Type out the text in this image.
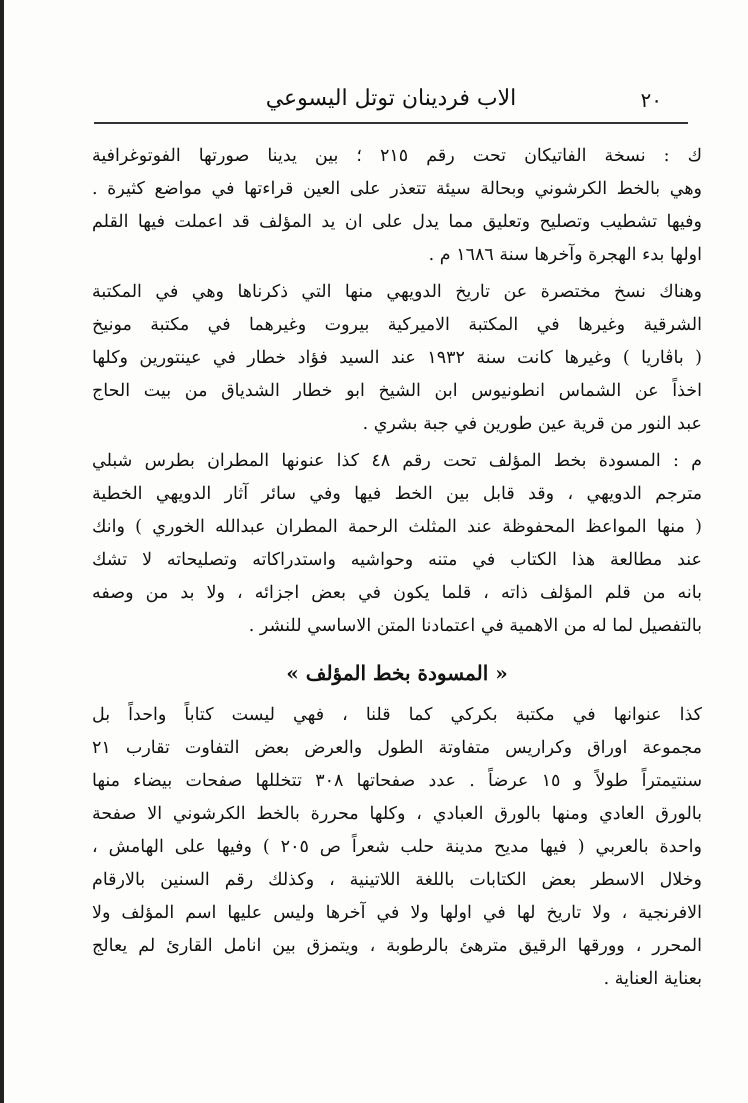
٢٠
الاب فردينان توتل اليسوعي
ك : نسخة الفاتيكان تحت رقم ٢١٥ ؛ بين يدينا صورتها الفوتوغرافية
وهي بالخط الكرشوني وبحالة سيئة تتعذر على العين قراءتها في مواضع كثيرة .
وفيها تشطيب وتصليح وتعليق مما يدل على ان يد المؤلف قد اعملت فيها القلم
اولها بدء الهجرة وآخرها سنة ١٦٨٦ م .
وهناك نسخ مختصرة عن تاريخ الدويهي منها التي ذكرناها وهي في المكتبة
الشرقية وغيرها في المكتبة الاميركية بيروت وغيرهما في مكتبة مونيخ
( باڤاريا ) وغيرها كانت سنة ١٩٣٢ عند السيد فؤاد خطار في عينتورين وكلها
اخذاً عن الشماس انطونيوس ابن الشيخ ابو خطار الشدياق من بيت الحاج
عبد النور من قرية عين طورين في جبة بشري .
م : المسودة بخط المؤلف تحت رقم ٤٨ كذا عنونها المطران بطرس شبلي
مترجم الدويهي ، وقد قابل بين الخط فيها وفي سائر آثار الدويهي الخطية
( منها المواعظ المحفوظة عند المثلث الرحمة المطران عبدالله الخوري ) وانك
عند مطالعة هذا الكتاب في متنه وحواشيه واستدراكاته وتصليحاته لا تشك
بانه من قلم المؤلف ذاته ، قلما يكون في بعض اجزائه ، ولا بد من وصفه
بالتفصيل لما له من الاهمية في اعتمادنا المتن الاساسي للنشر .
« المسودة بخط المؤلف »
كذا عنوانها في مكتبة بكركي كما قلنا ، فهي ليست كتاباً واحداً بل
مجموعة اوراق وكراريس متفاوتة الطول والعرض بعض التفاوت تقارب ٢١
سنتيمتراً طولاً و ١٥ عرضاً . عدد صفحاتها ٣٠٨ تتخللها صفحات بيضاء منها
بالورق العادي ومنها بالورق العبادي ، وكلها محررة بالخط الكرشوني الا صفحة
واحدة بالعربي ( فيها مديح مدينة حلب شعراً ص ٢٠٥ ) وفيها على الهامش ،
وخلال الاسطر بعض الكتابات باللغة اللاتينية ، وكذلك رقم السنين بالارقام
الافرنجية ، ولا تاريخ لها في اولها ولا في آخرها وليس عليها اسم المؤلف ولا
المحرر ، وورقها الرقيق مترهئ بالرطوبة ، ويتمزق بين انامل القارئ لم يعالج
بعناية العناية .
